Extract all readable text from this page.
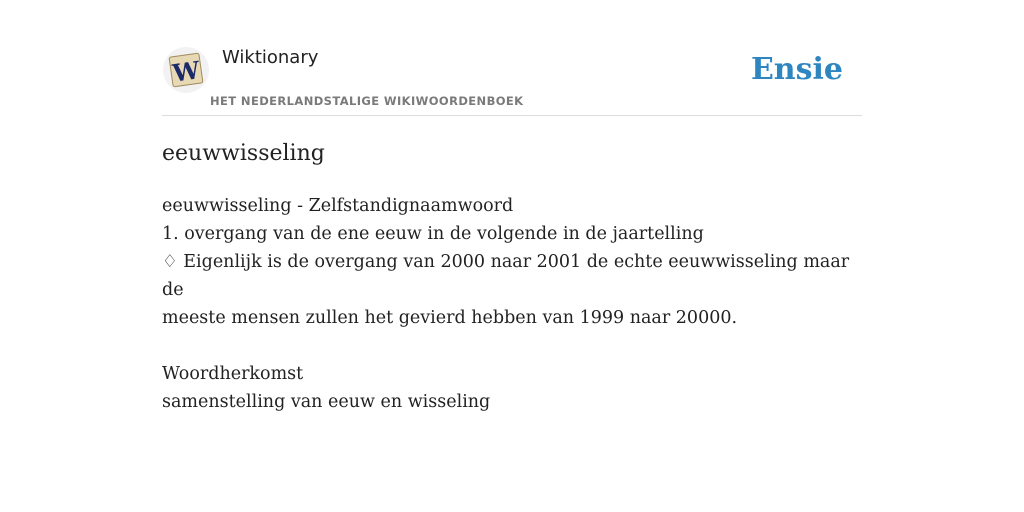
W Wiktionary
HET NEDERLANDSTALIGE WIKIWOORDENBOEK
Ensie
eeuwwisseling

eeuwwisseling - Zelfstandignaamwoord

1. overgang van de ene eeuw in de volgende in de jaartelling

♢ Eigenlijk is de overgang van 2000 naar 2001 de echte eeuwwisseling maar de

meeste mensen zullen het gevierd hebben van 1999 naar 20000.

Woordherkomst

samenstelling van eeuw en wisseling
